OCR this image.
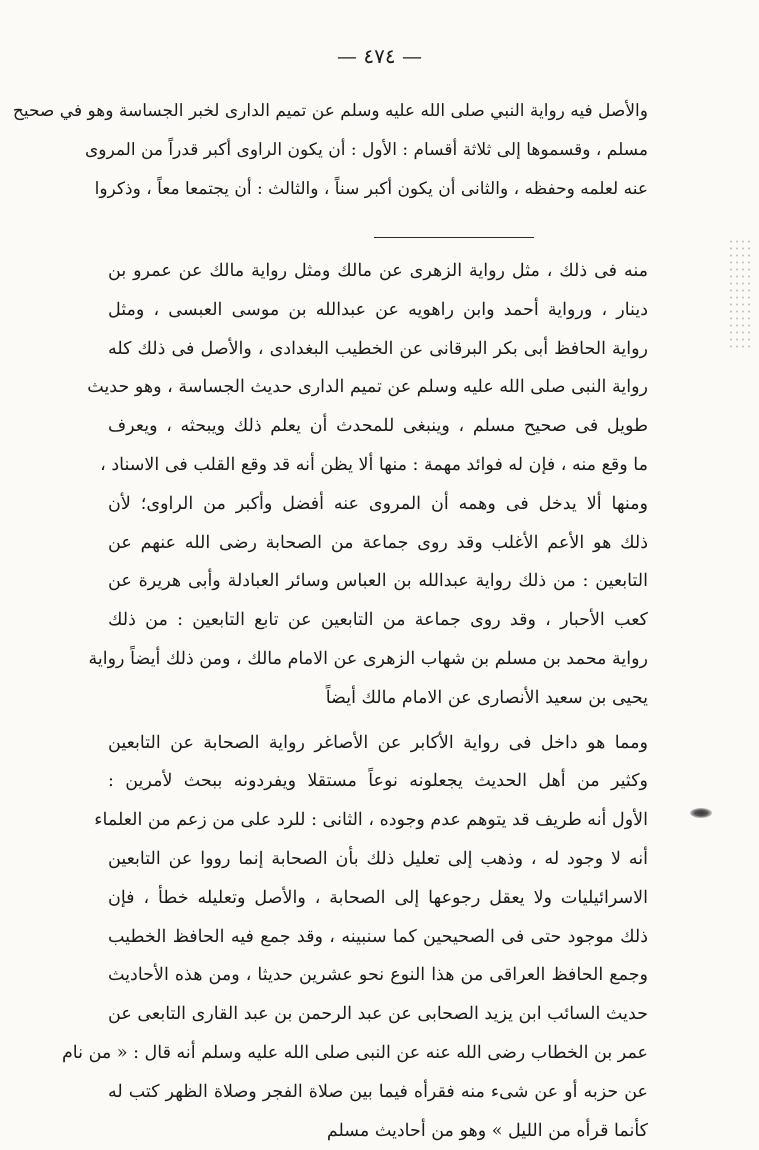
— ٤٧٤ —
والأصل فيه رواية النبي صلى الله عليه وسلم عن تميم الدارى لخبر الجساسة وهو في صحيح
مسلم ، وقسموها إلى ثلاثة أقسام : الأول : أن يكون الراوى أكبر قدراً من المروى
عنه لعلمه وحفظه ، والثانى أن يكون أكبر سناً ، والثالث : أن يجتمعا معاً ، وذكروا
منه فى ذلك ، مثل رواية الزهرى عن مالك ومثل رواية مالك عن عمرو بن
دينار ، ورواية أحمد وابن راهويه عن عبدالله بن موسى العبسى ، ومثل
رواية الحافظ أبى بكر البرقانى عن الخطيب البغدادى ، والأصل فى ذلك كله
رواية النبى صلى الله عليه وسلم عن تميم الدارى حديث الجساسة ، وهو حديث
طويل فى صحيح مسلم ، وينبغى للمحدث أن يعلم ذلك ويبحثه ، ويعرف
ما وقع منه ، فإن له فوائد مهمة : منها ألا يظن أنه قد وقع القلب فى الاسناد ،
ومنها ألا يدخل فى وهمه أن المروى عنه أفضل وأكبر من الراوى؛ لأن
ذلك هو الأعم الأغلب وقد روى جماعة من الصحابة رضى الله عنهم عن
التابعين : من ذلك رواية عبدالله بن العباس وسائر العبادلة وأبى هريرة عن
كعب الأحبار ، وقد روى جماعة من التابعين عن تابع التابعين : من ذلك
رواية محمد بن مسلم بن شهاب الزهرى عن الامام مالك ، ومن ذلك أيضاً رواية
يحيى بن سعيد الأنصارى عن الامام مالك أيضاً
ومما هو داخل فى رواية الأكابر عن الأصاغر رواية الصحابة عن التابعين
وكثير من أهل الحديث يجعلونه نوعاً مستقلا ويفردونه ببحث لأمرين :
الأول أنه طريف قد يتوهم عدم وجوده ، الثانى : للرد على من زعم من العلماء
أنه لا وجود له ، وذهب إلى تعليل ذلك بأن الصحابة إنما رووا عن التابعين
الاسرائيليات ولا يعقل رجوعها إلى الصحابة ، والأصل وتعليله خطأ ، فإن
ذلك موجود حتى فى الصحيحين كما سنبينه ، وقد جمع فيه الحافظ الخطيب
وجمع الحافظ العراقى من هذا النوع نحو عشرين حديثا ، ومن هذه الأحاديث
حديث السائب ابن يزيد الصحابى عن عبد الرحمن بن عبد القارى التابعى عن
عمر بن الخطاب رضى الله عنه عن النبى صلى الله عليه وسلم أنه قال : « من نام
عن حزبه أو عن شىء منه فقرأه فيما بين صلاة الفجر وصلاة الظهر كتب له
كأنما قرأه من الليل » وهو من أحاديث مسلم
